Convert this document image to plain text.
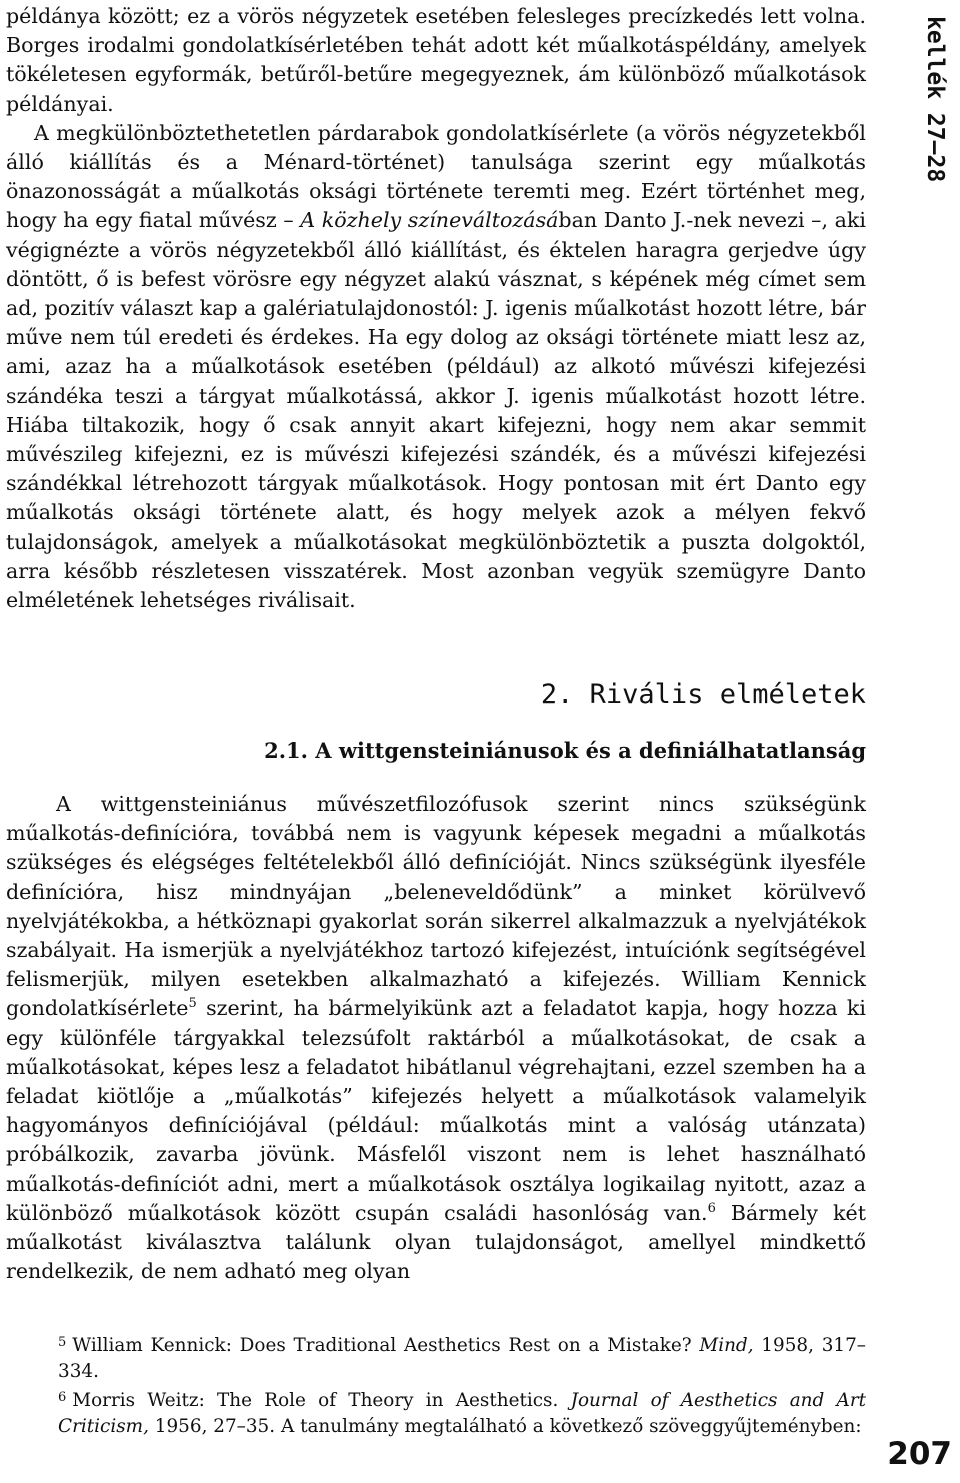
kellék 27–28

példánya között; ez a vörös négyzetek esetében felesleges precízkedés lett volna. Borges irodalmi gondolatkísérletében tehát adott két műalkotáspéldány, amelyek tökéletesen egyformák, betűről-betűre megegyeznek, ám különböző műalkotások példányai.

A megkülönböztethetetlen párdarabok gondolatkísérlete (a vörös négyzetekből álló kiállítás és a Ménard-történet) tanulsága szerint egy műalkotás önazonosságát a műalkotás oksági története teremti meg. Ezért történhet meg, hogy ha egy fiatal művész – A közhely színeváltozásában Danto J.-nek nevezi –, aki végignézte a vörös négyzetekből álló kiállítást, és éktelen haragra gerjedve úgy döntött, ő is befest vörösre egy négyzet alakú vásznat, s képének még címet sem ad, pozitív választ kap a galériatulajdonostól: J. igenis műalkotást hozott létre, bár műve nem túl eredeti és érdekes. Ha egy dolog az oksági története miatt lesz az, ami, azaz ha a műalkotások esetében (például) az alkotó művészi kifejezési szándéka teszi a tárgyat műalkotássá, akkor J. igenis műalkotást hozott létre. Hiába tiltakozik, hogy ő csak annyit akart kifejezni, hogy nem akar semmit művészileg kifejezni, ez is művészi kifejezési szándék, és a művészi kifejezési szándékkal létrehozott tárgyak műalkotások. Hogy pontosan mit ért Danto egy műalkotás oksági története alatt, és hogy melyek azok a mélyen fekvő tulajdonságok, amelyek a műalkotásokat megkülönböztetik a puszta dolgoktól, arra később részletesen visszatérek. Most azonban vegyük szemügyre Danto elméletének lehetséges riválisait.

2. Rivális elméletek
2.1. A wittgensteiniánusok és a definiálhatatlanság
A wittgensteiniánus művészetfilozófusok szerint nincs szükségünk műalkotás-definícióra, továbbá nem is vagyunk képesek megadni a műalkotás szükséges és elégséges feltételekből álló definícióját. Nincs szükségünk ilyesféle definícióra, hisz mindnyájan „beleneveldődünk” a minket körülvevő nyelvjátékokba, a hétköznapi gyakorlat során sikerrel alkalmazzuk a nyelvjátékok szabályait. Ha ismerjük a nyelvjátékhoz tartozó kifejezést, intuíciónk segítségével felismerjük, milyen esetekben alkalmazható a kifejezés. William Kennick gondolatkísérlete$^5$ szerint, ha bármelyikünk azt a feladatot kapja, hogy hozza ki egy különféle tárgyakkal telezsúfolt raktárból a műalkotásokat, de csak a műalkotásokat, képes lesz a feladatot hibátlanul végrehajtani, ezzel szemben ha a feladat kiötlője a „műalkotás” kifejezés helyett a műalkotások valamelyik hagyományos definíciójával (például: műalkotás mint a valóság utánzata) próbálkozik, zavarba jövünk. Másfelől viszont nem is lehet használható műalkotás-definíciót adni, mert a műalkotások osztálya logikailag nyitott, azaz a különböző műalkotások között csupán családi hasonlóság van.$^6$ Bármely két műalkotást kiválasztva találunk olyan tulajdonságot, amellyel mindkettő rendelkezik, de nem adható meg olyan

$^5$ William Kennick: Does Traditional Aesthetics Rest on a Mistake? Mind, 1958, 317–334.

$^6$ Morris Weitz: The Role of Theory in Aesthetics. Journal of Aesthetics and Art Criticism, 1956, 27–35. A tanulmány megtalálható a következő szöveggyűjteményben:

207
